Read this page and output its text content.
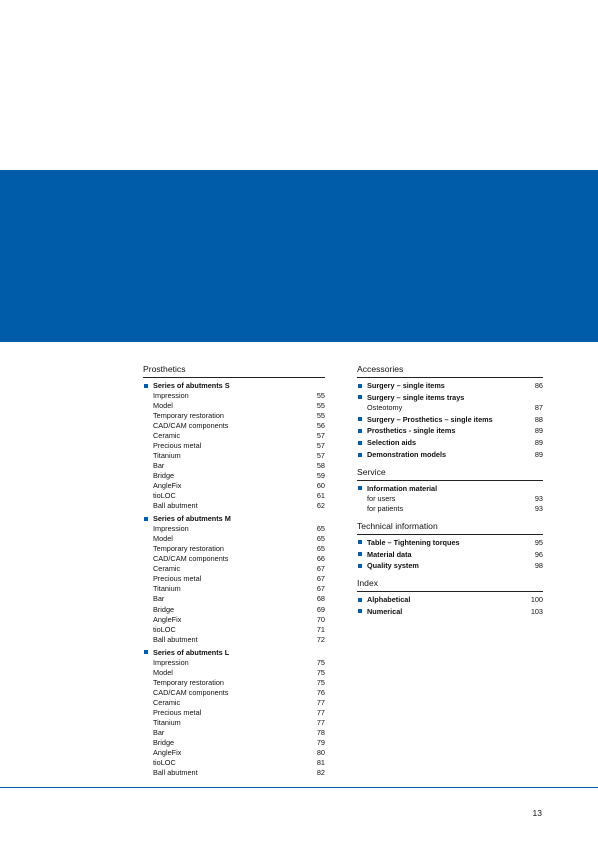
Prosthetics
Series of abutments S
Impression	55
Model	55
Temporary restoration	55
CAD/CAM components	56
Ceramic	57
Precious metal	57
Titanium	57
Bar	58
Bridge	59
AngleFix	60
tioLOC	61
Ball abutment	62
Series of abutments M
Impression	65
Model	65
Temporary restoration	65
CAD/CAM components	66
Ceramic	67
Precious metal	67
Titanium	67
Bar	68
Bridge	69
AngleFix	70
tioLOC	71
Ball abutment	72
Series of abutments L
Impression	75
Model	75
Temporary restoration	75
CAD/CAM components	76
Ceramic	77
Precious metal	77
Titanium	77
Bar	78
Bridge	79
AngleFix	80
tioLOC	81
Ball abutment	82
Accessories
Surgery – single items	86
Surgery – single items trays
Osteotomy	87
Surgery – Prosthetics – single items	88
Prosthetics - single items	89
Selection aids	89
Demonstration models	89
Service
Information material
for users	93
for patients	93
Technical information
Table – Tightening torques	95
Material data	96
Quality system	98
Index
Alphabetical	100
Numerical	103
13
